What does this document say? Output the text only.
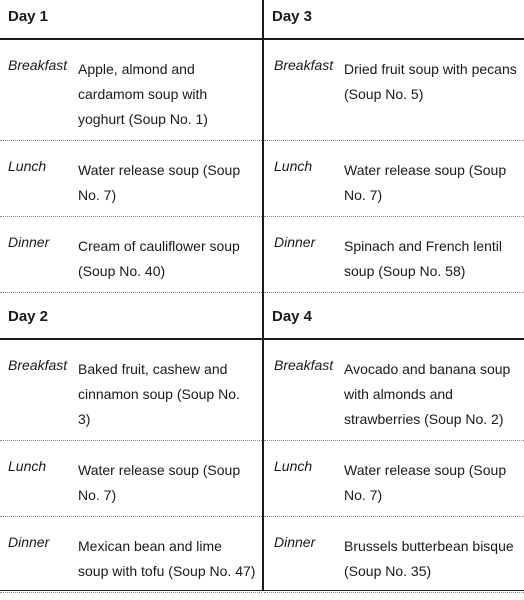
Day 1
Breakfast Apple, almond and cardamom soup with yoghurt (Soup No. 1)
Lunch Water release soup (Soup No. 7)
Dinner Cream of cauliflower soup (Soup No. 40)
Day 2
Breakfast Baked fruit, cashew and cinnamon soup (Soup No. 3)
Lunch Water release soup (Soup No. 7)
Dinner Mexican bean and lime soup with tofu (Soup No. 47)
Day 3
Breakfast Dried fruit soup with pecans (Soup No. 5)
Lunch Water release soup (Soup No. 7)
Dinner Spinach and French lentil soup (Soup No. 58)
Day 4
Breakfast Avocado and banana soup with almonds and strawberries (Soup No. 2)
Lunch Water release soup (Soup No. 7)
Dinner Brussels butterbean bisque (Soup No. 35)
